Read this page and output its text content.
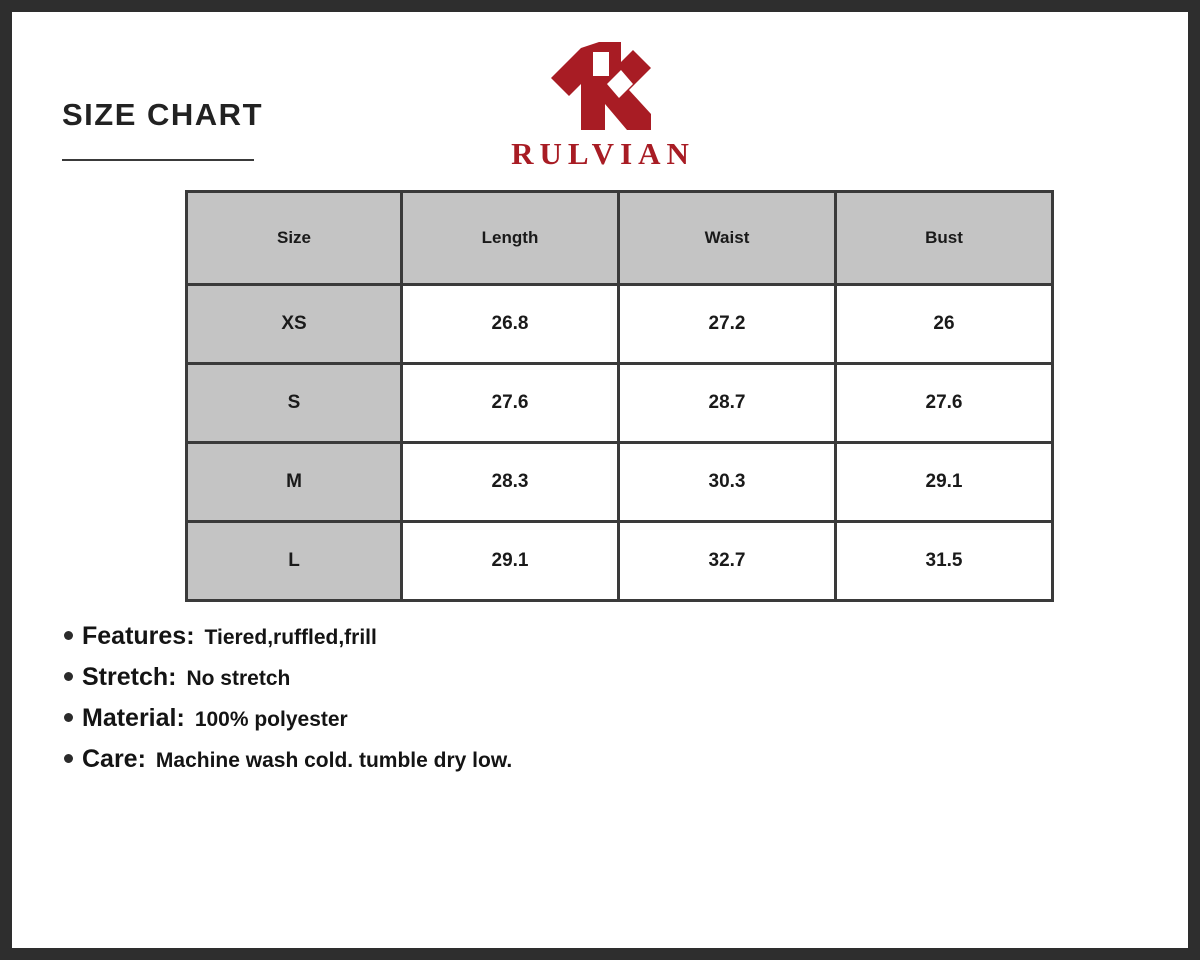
SIZE CHART
RULVIAN
Size	Length	Waist	Bust
XS	26.8	27.2	26
S	27.6	28.7	27.6
M	28.3	30.3	29.1
L	29.1	32.7	31.5
Features: Tiered,ruffled,frill
Stretch: No stretch
Material: 100% polyester
Care: Machine wash cold. tumble dry low.
